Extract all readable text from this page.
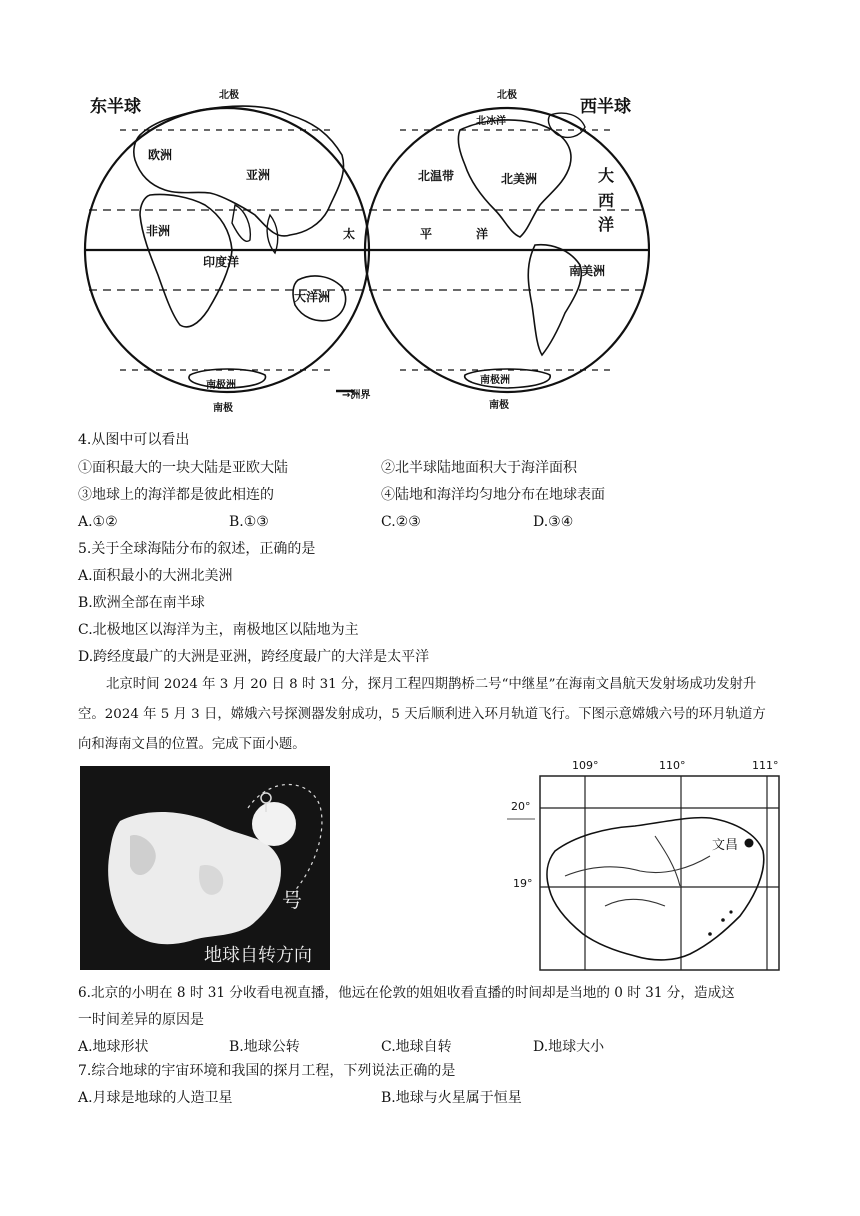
东半球	西半球
北极	北极
南极	南极
欧洲
亚洲
非洲
印度洋
大洋洲
南极洲
太	平	洋
北冰洋
北美洲
北温带
南美洲
南极洲
大
西
洋
→洲界
4.从图中可以看出
①面积最大的一块大陆是亚欧大陆	②北半球陆地面积大于海洋面积
③地球上的海洋都是彼此相连的	④陆地和海洋均匀地分布在地球表面
A.①②	B.①③	C.②③	D.③④
5.关于全球海陆分布的叙述，正确的是
A.面积最小的大洲北美洲
B.欧洲全部在南半球
C.北极地区以海洋为主，南极地区以陆地为主
D.跨经度最广的大洲是亚洲，跨经度最广的大洋是太平洋
北京时间 2024 年 3 月 20 日 8 时 31 分，探月工程四期鹊桥二号“中继星”在海南文昌航天发射场成功发射升空。2024 年 5 月 3 日，嫦娥六号探测器发射成功，5 天后顺利进入环月轨道飞行。下图示意嫦娥六号的环月轨道方向和海南文昌的位置。完成下面小题。
号
地球自转方向
109°	110°	111°
20°
19°
文昌
6.北京的小明在 8 时 31 分收看电视直播，他远在伦敦的姐姐收看直播的时间却是当地的 0 时 31 分，造成这
一时间差异的原因是
A.地球形状	B.地球公转	C.地球自转	D.地球大小
7.综合地球的宇宙环境和我国的探月工程，下列说法正确的是
A.月球是地球的人造卫星	B.地球与火星属于恒星
